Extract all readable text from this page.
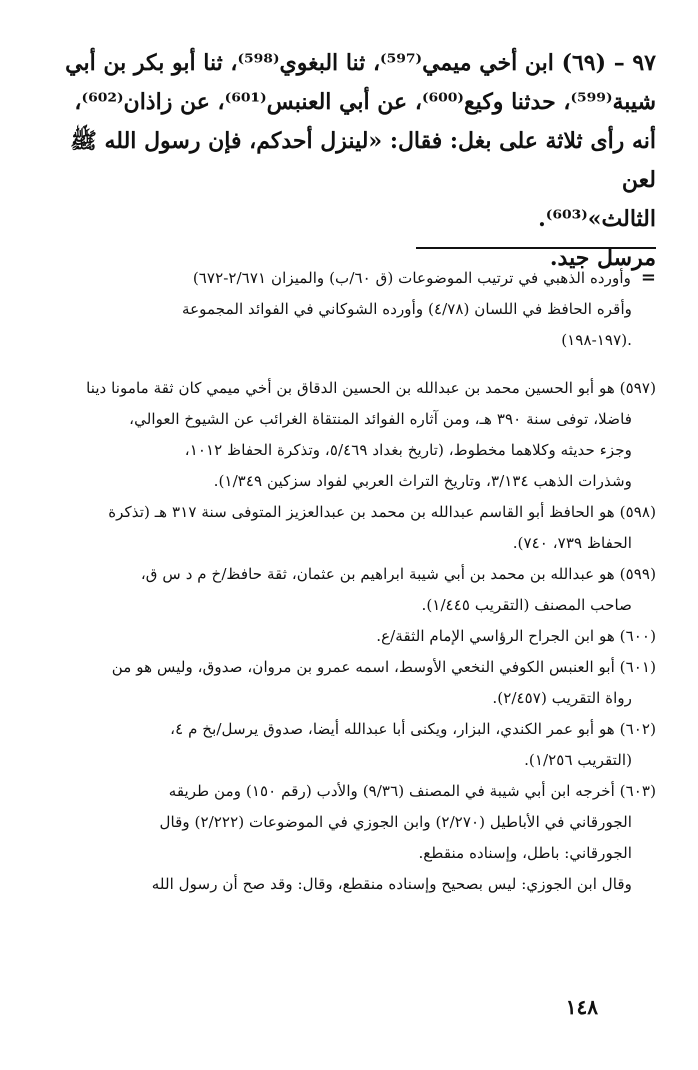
٩٧ – (٦٩) ابن أخي ميمي⁽⁵⁹⁷⁾، ثنا البغوي⁽⁵⁹⁸⁾، ثنا أبو بكر بن أبي

شيبة⁽⁵⁹⁹⁾، حدثنا وكيع⁽⁶⁰⁰⁾، عن أبي العنبس⁽⁶⁰¹⁾، عن زاذان⁽⁶⁰²⁾،

أنه رأى ثلاثة على بغل: فقال: «لينزل أحدكم، فإن رسول الله ﷺ لعن

الثالث»⁽⁶⁰³⁾.

مرسل جيد.

=وأورده الذهبي في ترتيب الموضوعات (ق ٦٠/ب) والميزان ٢/٦٧١-٦٧٢)

وأقره الحافظ في اللسان (٤/٧٨) وأورده الشوكاني في الفوائد المجموعة

.(١٩٧-١٩٨)

(٥٩٧) هو أبو الحسين محمد بن عبدالله بن الحسين الدقاق بن أخي ميمي كان ثقة مامونا دينا

فاضلا، توفى سنة ٣٩٠ هـ، ومن آثاره الفوائد المنتقاة الغرائب عن الشيوخ العوالي،

وجزء حديثه وكلاهما مخطوط، (تاريخ بغداد ٥/٤٦٩، وتذكرة الحفاظ ١٠١٢،

وشذرات الذهب ٣/١٣٤، وتاريخ التراث العربي لفواد سزكين ١/٣٤٩).

(٥٩٨) هو الحافظ أبو القاسم عبدالله بن محمد بن عبدالعزيز المتوفى سنة ٣١٧ هـ (تذكرة

الحفاظ ٧٣٩، ٧٤٠).

(٥٩٩) هو عبدالله بن محمد بن أبي شيبة ابراهيم بن عثمان، ثقة حافظ/خ م د س ق،

صاحب المصنف (التقريب ١/٤٤٥).

(٦٠٠) هو ابن الجراح الرؤاسي الإمام الثقة/ع.

(٦٠١) أبو العنبس الكوفي النخعي الأوسط، اسمه عمرو بن مروان، صدوق، وليس هو من

رواة التقريب (٢/٤٥٧).

(٦٠٢) هو أبو عمر الكندي، البزار، ويكنى أبا عبدالله أيضا، صدوق يرسل/بخ م ٤،

(التقريب ١/٢٥٦).

(٦٠٣) أخرجه ابن أبي شيبة في المصنف (٩/٣٦) والأدب (رقم ١٥٠) ومن طريقه

الجورقاني في الأباطيل (٢/٢٧٠) وابن الجوزي في الموضوعات (٢/٢٢٢) وقال

الجورقاني: باطل، وإسناده منقطع.

وقال ابن الجوزي: ليس بصحيح وإسناده منقطع، وقال: وقد صح أن رسول الله

١٤٨
